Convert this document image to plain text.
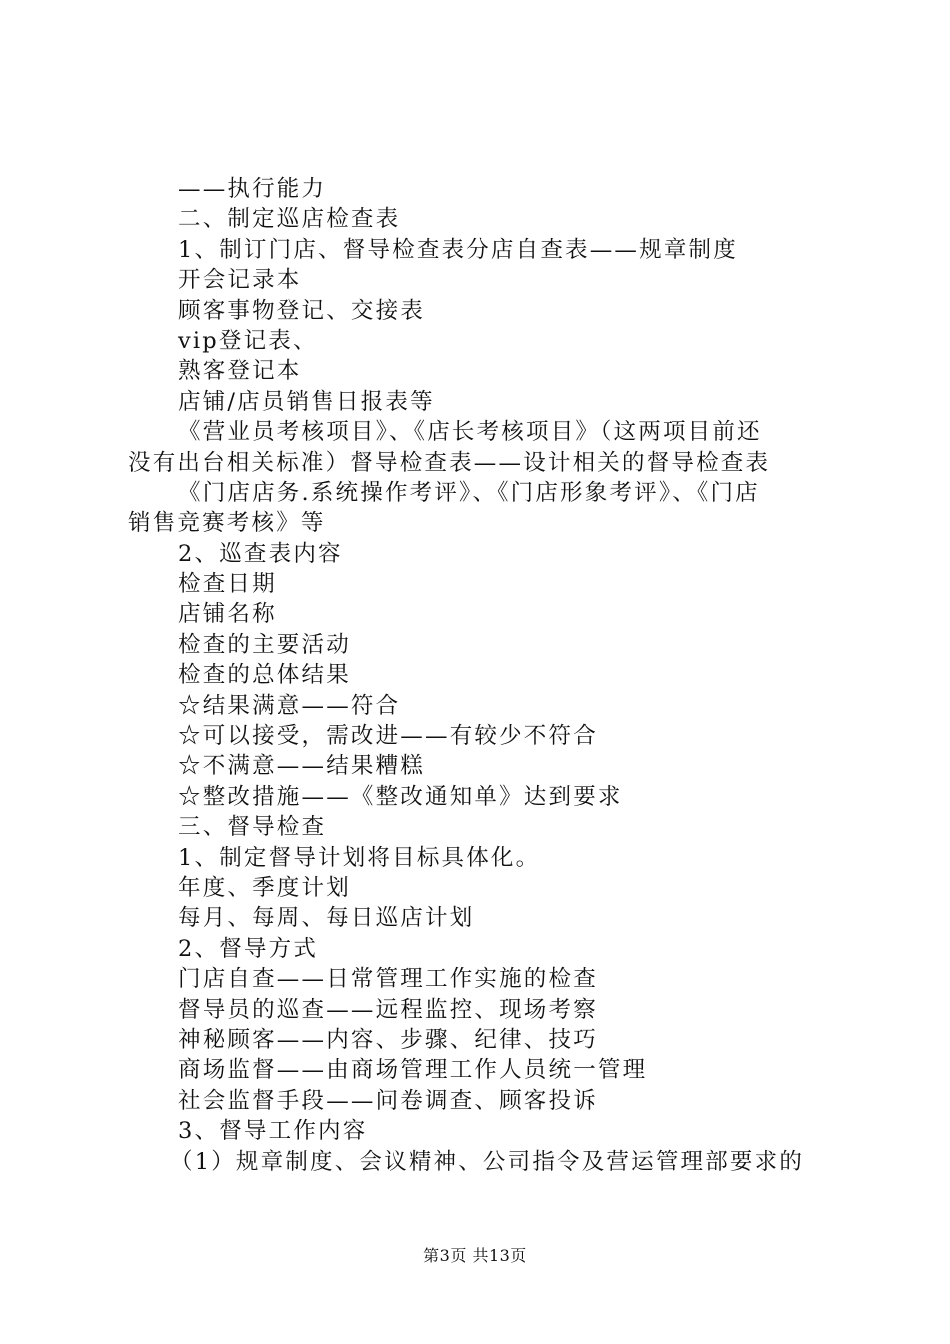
——执行能力
二、制定巡店检查表
1、制订门店、督导检查表分店自查表——规章制度
开会记录本
顾客事物登记、交接表
vip登记表、
熟客登记本
店铺/店员销售日报表等
《营业员考核项目》、《店长考核项目》（这两项目前还
没有出台相关标准）督导检查表——设计相关的督导检查表
《门店店务.系统操作考评》、《门店形象考评》、《门店
销售竞赛考核》等
2、巡查表内容
检查日期
店铺名称
检查的主要活动
检查的总体结果
☆结果满意——符合
☆可以接受，需改进——有较少不符合
☆不满意——结果糟糕
☆整改措施——《整改通知单》达到要求
三、督导检查
1、制定督导计划将目标具体化。
年度、季度计划
每月、每周、每日巡店计划
2、督导方式
门店自查——日常管理工作实施的检查
督导员的巡查——远程监控、现场考察
神秘顾客——内容、步骤、纪律、技巧
商场监督——由商场管理工作人员统一管理
社会监督手段——问卷调查、顾客投诉
3、督导工作内容
（1）规章制度、会议精神、公司指令及营运管理部要求的
第3页 共13页
